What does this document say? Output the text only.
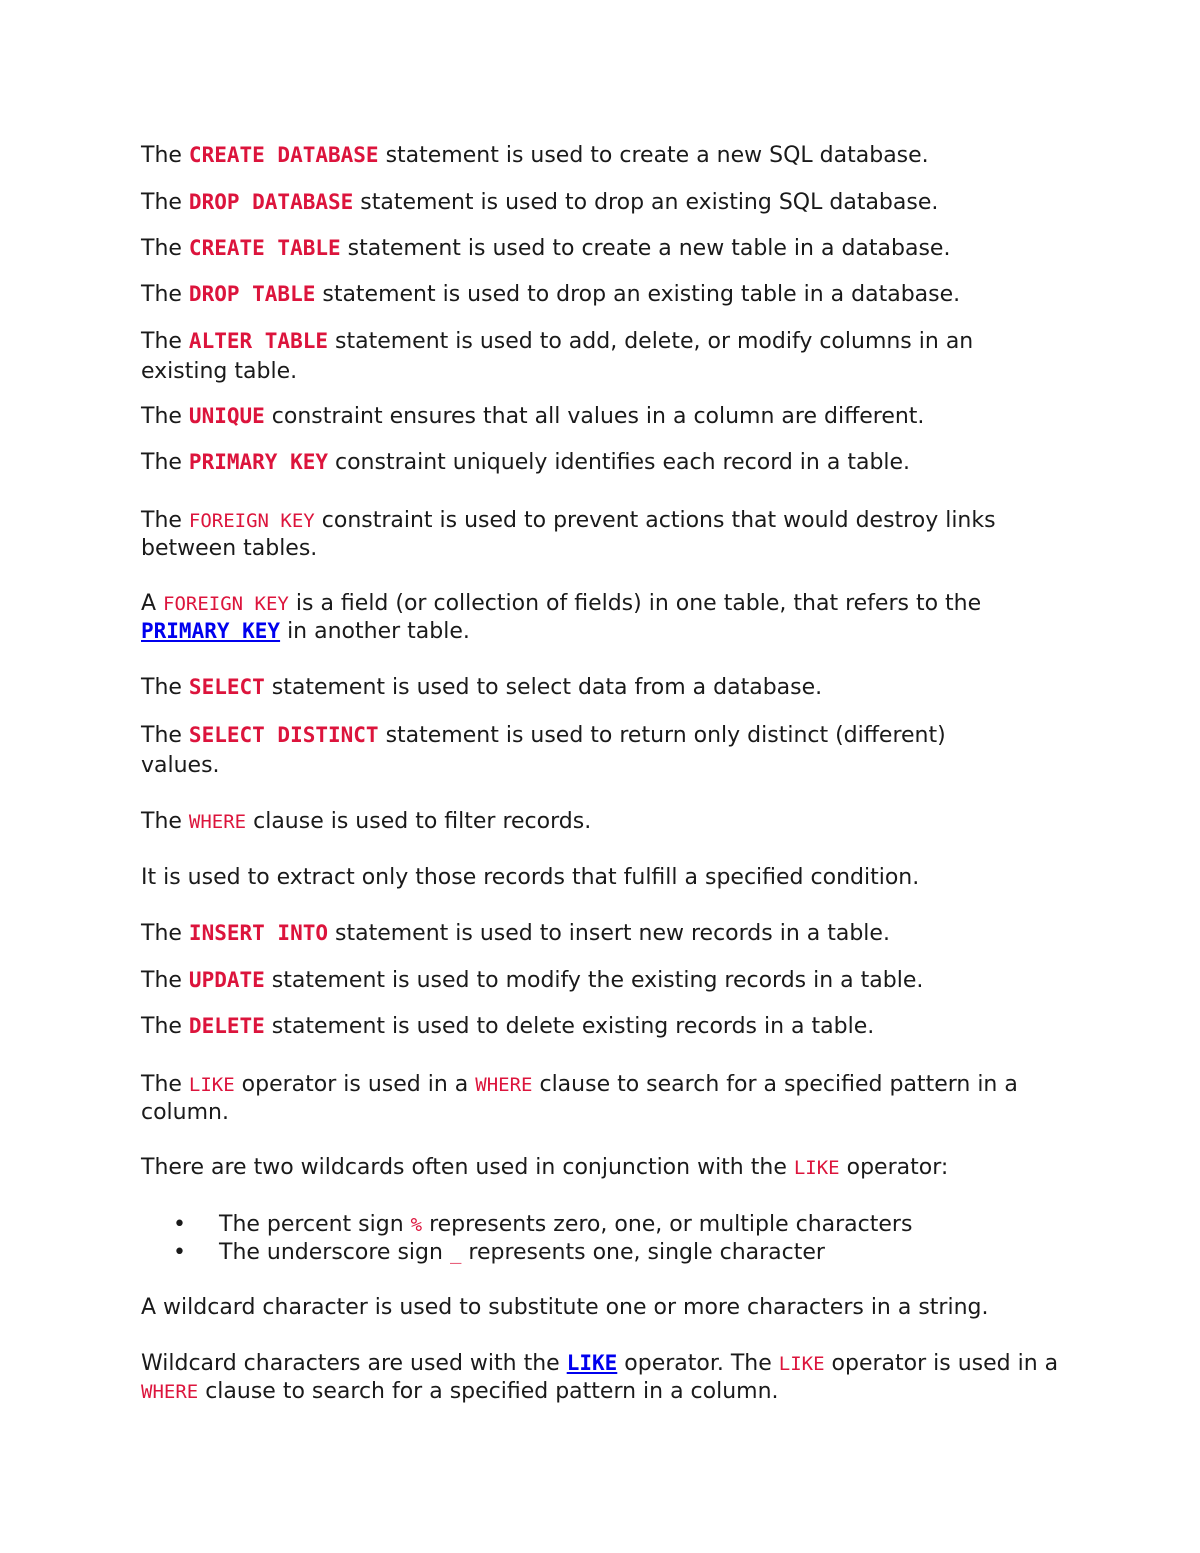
The CREATE DATABASE statement is used to create a new SQL database.

The DROP DATABASE statement is used to drop an existing SQL database.

The CREATE TABLE statement is used to create a new table in a database.

The DROP TABLE statement is used to drop an existing table in a database.

The ALTER TABLE statement is used to add, delete, or modify columns in an existing table.

The UNIQUE constraint ensures that all values in a column are different.

The PRIMARY KEY constraint uniquely identifies each record in a table.

The FOREIGN KEY constraint is used to prevent actions that would destroy links between tables.

A FOREIGN KEY is a field (or collection of fields) in one table, that refers to the PRIMARY KEY in another table.

The SELECT statement is used to select data from a database.

The SELECT DISTINCT statement is used to return only distinct (different) values.

The WHERE clause is used to filter records.

It is used to extract only those records that fulfill a specified condition.

The INSERT INTO statement is used to insert new records in a table.

The UPDATE statement is used to modify the existing records in a table.

The DELETE statement is used to delete existing records in a table.

The LIKE operator is used in a WHERE clause to search for a specified pattern in a column.

There are two wildcards often used in conjunction with the LIKE operator:

• The percent sign % represents zero, one, or multiple characters
• The underscore sign _ represents one, single character

A wildcard character is used to substitute one or more characters in a string.

Wildcard characters are used with the LIKE operator. The LIKE operator is used in a WHERE clause to search for a specified pattern in a column.
